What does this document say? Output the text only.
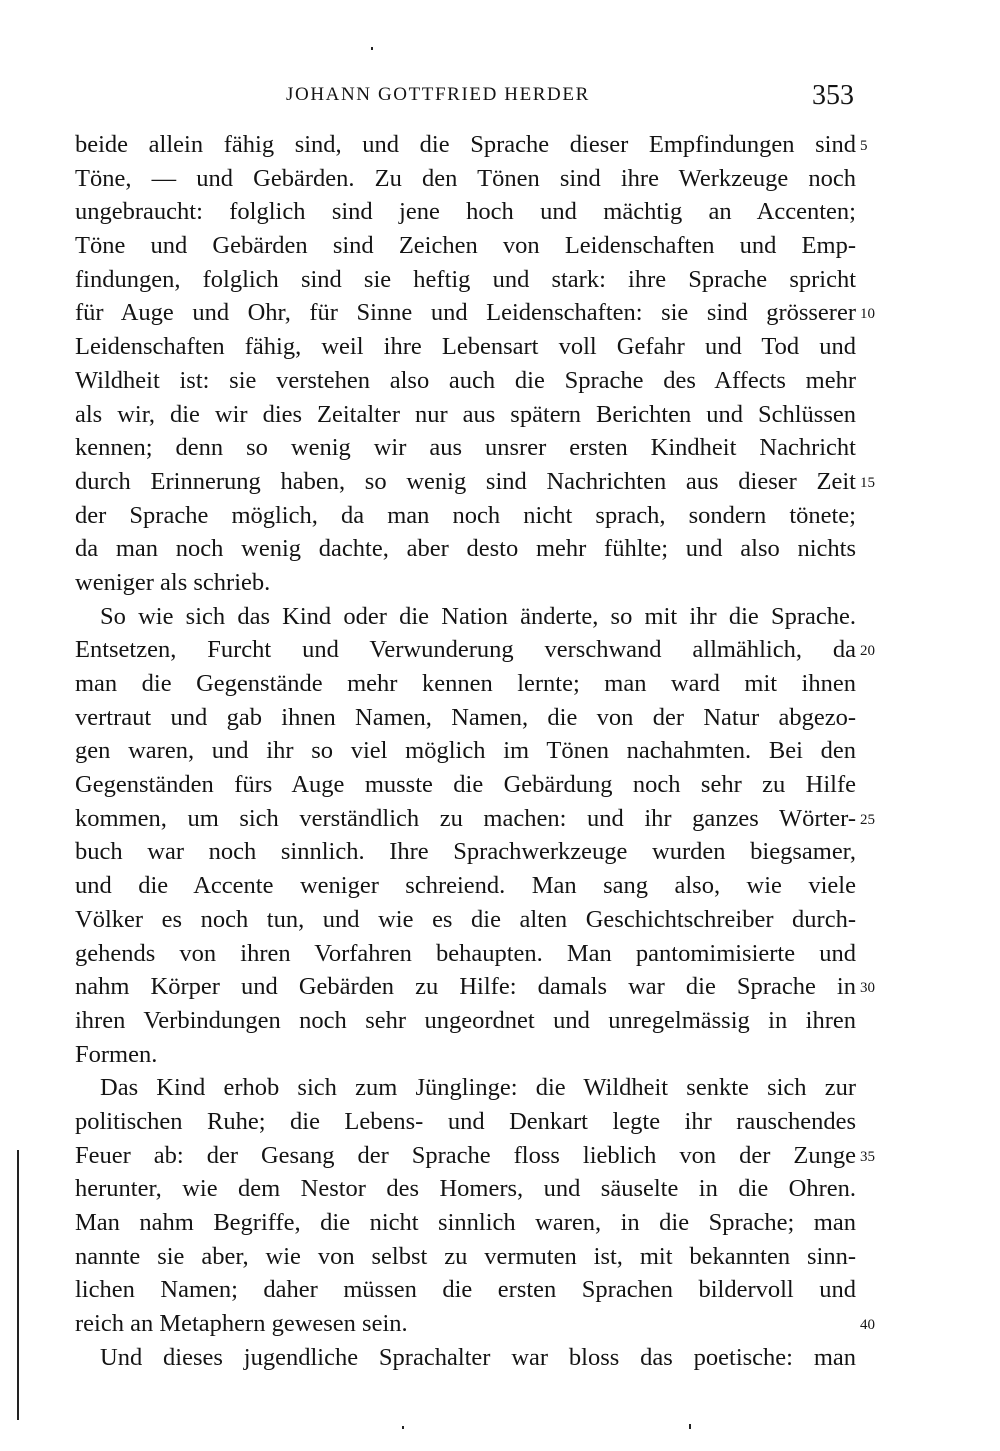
JOHANN GOTTFRIED HERDER	353
beide allein fähig sind, und die Sprache dieser Empfindungen sind 5
Töne, — und Gebärden. Zu den Tönen sind ihre Werkzeuge noch
ungebraucht: folglich sind jene hoch und mächtig an Accenten;
Töne und Gebärden sind Zeichen von Leidenschaften und Emp-
findungen, folglich sind sie heftig und stark: ihre Sprache spricht
für Auge und Ohr, für Sinne und Leidenschaften: sie sind grösserer 10
Leidenschaften fähig, weil ihre Lebensart voll Gefahr und Tod und
Wildheit ist: sie verstehen also auch die Sprache des Affects mehr
als wir, die wir dies Zeitalter nur aus spätern Berichten und Schlüssen
kennen; denn so wenig wir aus unsrer ersten Kindheit Nachricht
durch Erinnerung haben, so wenig sind Nachrichten aus dieser Zeit 15
der Sprache möglich, da man noch nicht sprach, sondern tönete;
da man noch wenig dachte, aber desto mehr fühlte; und also nichts
weniger als schrieb.
So wie sich das Kind oder die Nation änderte, so mit ihr die Sprache.
Entsetzen, Furcht und Verwunderung verschwand allmählich, da 20
man die Gegenstände mehr kennen lernte; man ward mit ihnen
vertraut und gab ihnen Namen, Namen, die von der Natur abgezo-
gen waren, und ihr so viel möglich im Tönen nachahmten. Bei den
Gegenständen fürs Auge musste die Gebärdung noch sehr zu Hilfe
kommen, um sich verständlich zu machen: und ihr ganzes Wörter- 25
buch war noch sinnlich. Ihre Sprachwerkzeuge wurden biegsamer,
und die Accente weniger schreiend. Man sang also, wie viele
Völker es noch tun, und wie es die alten Geschichtschreiber durch-
gehends von ihren Vorfahren behaupten. Man pantomimisierte und
nahm Körper und Gebärden zu Hilfe: damals war die Sprache in 30
ihren Verbindungen noch sehr ungeordnet und unregelmässig in ihren
Formen.
Das Kind erhob sich zum Jünglinge: die Wildheit senkte sich zur
politischen Ruhe; die Lebens- und Denkart legte ihr rauschendes
Feuer ab: der Gesang der Sprache floss lieblich von der Zunge 35
herunter, wie dem Nestor des Homers, und säuselte in die Ohren.
Man nahm Begriffe, die nicht sinnlich waren, in die Sprache; man
nannte sie aber, wie von selbst zu vermuten ist, mit bekannten sinn-
lichen Namen; daher müssen die ersten Sprachen bildervoll und
reich an Metaphern gewesen sein.	40
Und dieses jugendliche Sprachalter war bloss das poetische: man
